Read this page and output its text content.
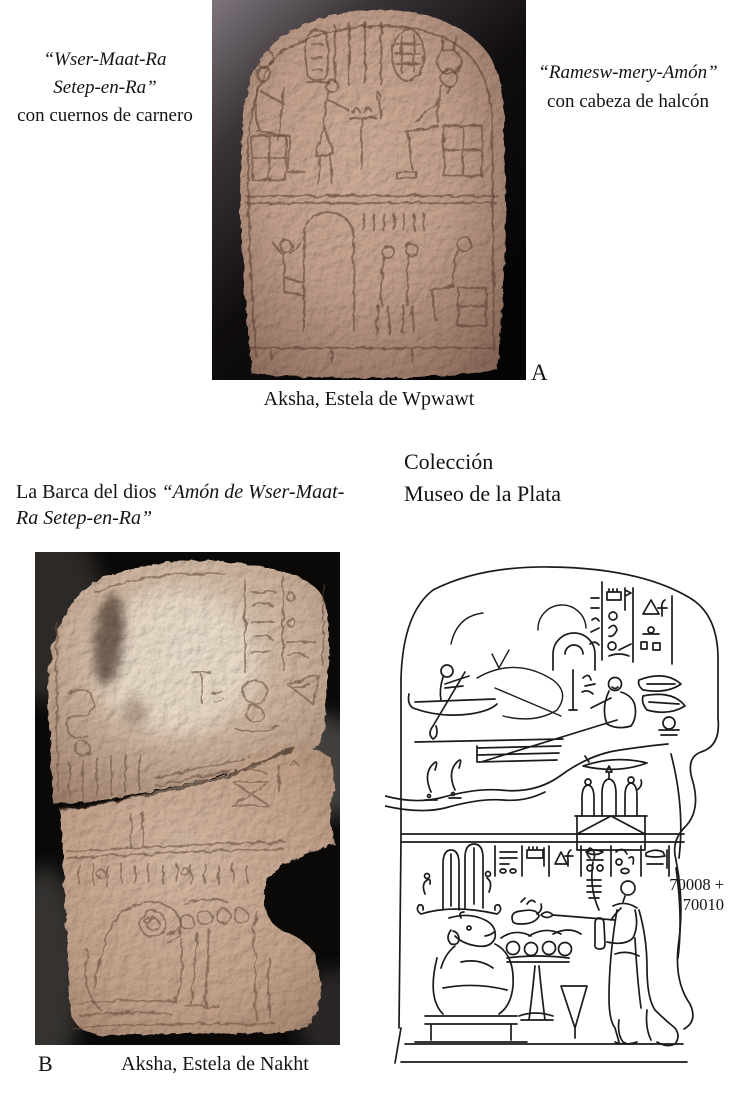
“Wser-Maat-Ra
Setep-en-Ra”
con cuernos de carnero
“Ramesw-mery-Amón”
con cabeza de halcón
A
Aksha, Estela de Wpwawt
Colección
Museo de la Plata
La Barca del dios “Amón de Wser-Maat-
Ra Setep-en-Ra”
70008 +
70010
B	Aksha, Estela de Nakht
